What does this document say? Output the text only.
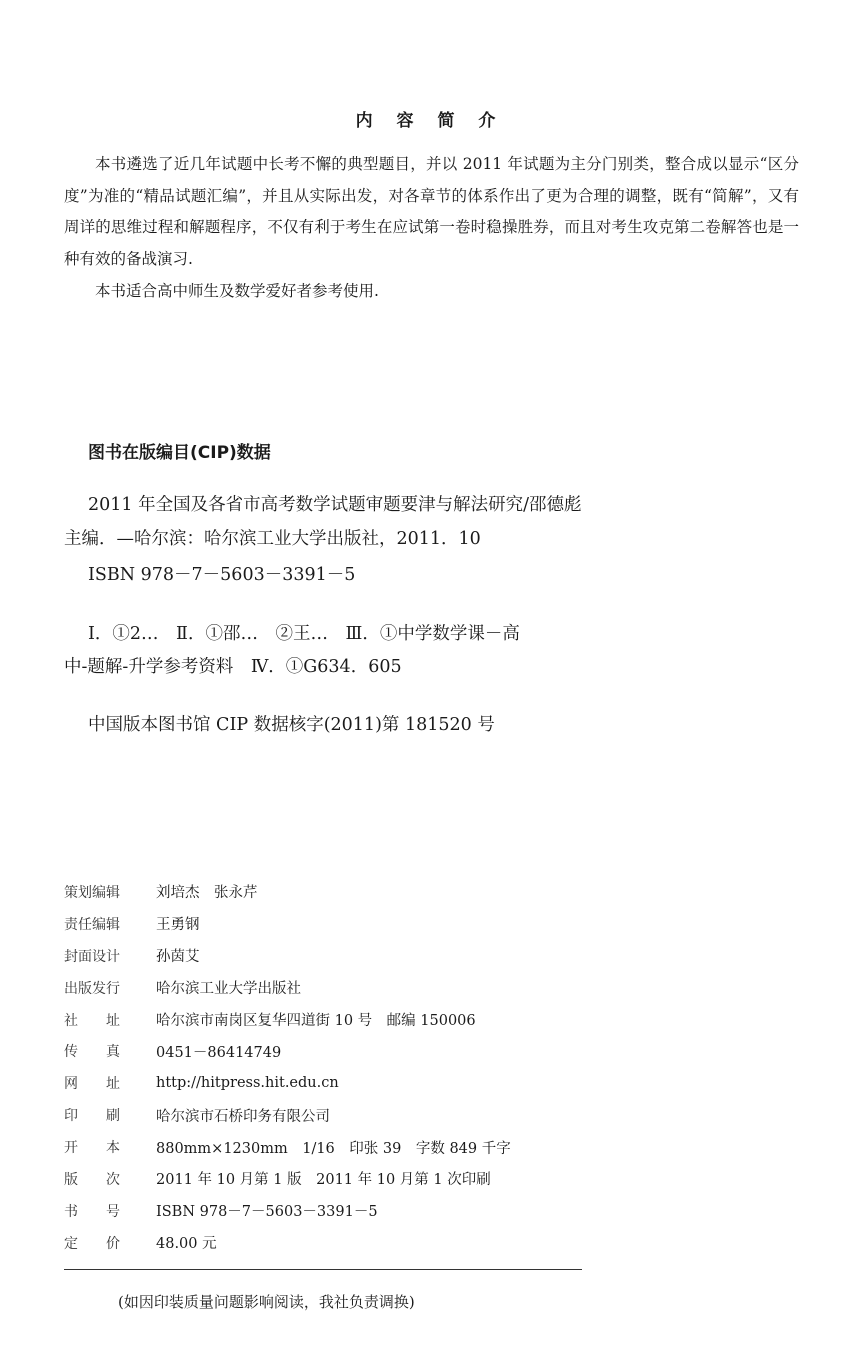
内 容 简 介

本书遴选了近几年试题中长考不懈的典型题目，并以 2011 年试题为主分门别类，整合成以显示“区分度”为准的“精品试题汇编”，并且从实际出发，对各章节的体系作出了更为合理的调整，既有“简解”，又有周详的思维过程和解题程序，不仅有利于考生在应试第一卷时稳操胜券，而且对考生攻克第二卷解答也是一种有效的备战演习.

本书适合高中师生及数学爱好者参考使用.

图书在版编目(CIP)数据
2011 年全国及各省市高考数学试题审题要津与解法研究/邵德彪
主编．—哈尔滨：哈尔滨工业大学出版社，2011．10
ISBN 978－7－5603－3391－5
Ⅰ．①2…　Ⅱ．①邵…　②王…　Ⅲ．①中学数学课－高
中-题解-升学参考资料　Ⅳ．①G634．605
中国版本图书馆 CIP 数据核字(2011)第 181520 号
策划编辑	刘培杰　张永芹
责任编辑	王勇钢
封面设计	孙茵艾
出版发行	哈尔滨工业大学出版社
社　　址	哈尔滨市南岗区复华四道街 10 号　邮编 150006
传　　真	0451－86414749
网　　址	http://hitpress.hit.edu.cn
印　　刷	哈尔滨市石桥印务有限公司
开　　本	880mm×1230mm　1/16　印张 39　字数 849 千字
版　　次	2011 年 10 月第 1 版　2011 年 10 月第 1 次印刷
书　　号	ISBN 978－7－5603－3391－5
定　　价	48.00 元
(如因印装质量问题影响阅读，我社负责调换)
